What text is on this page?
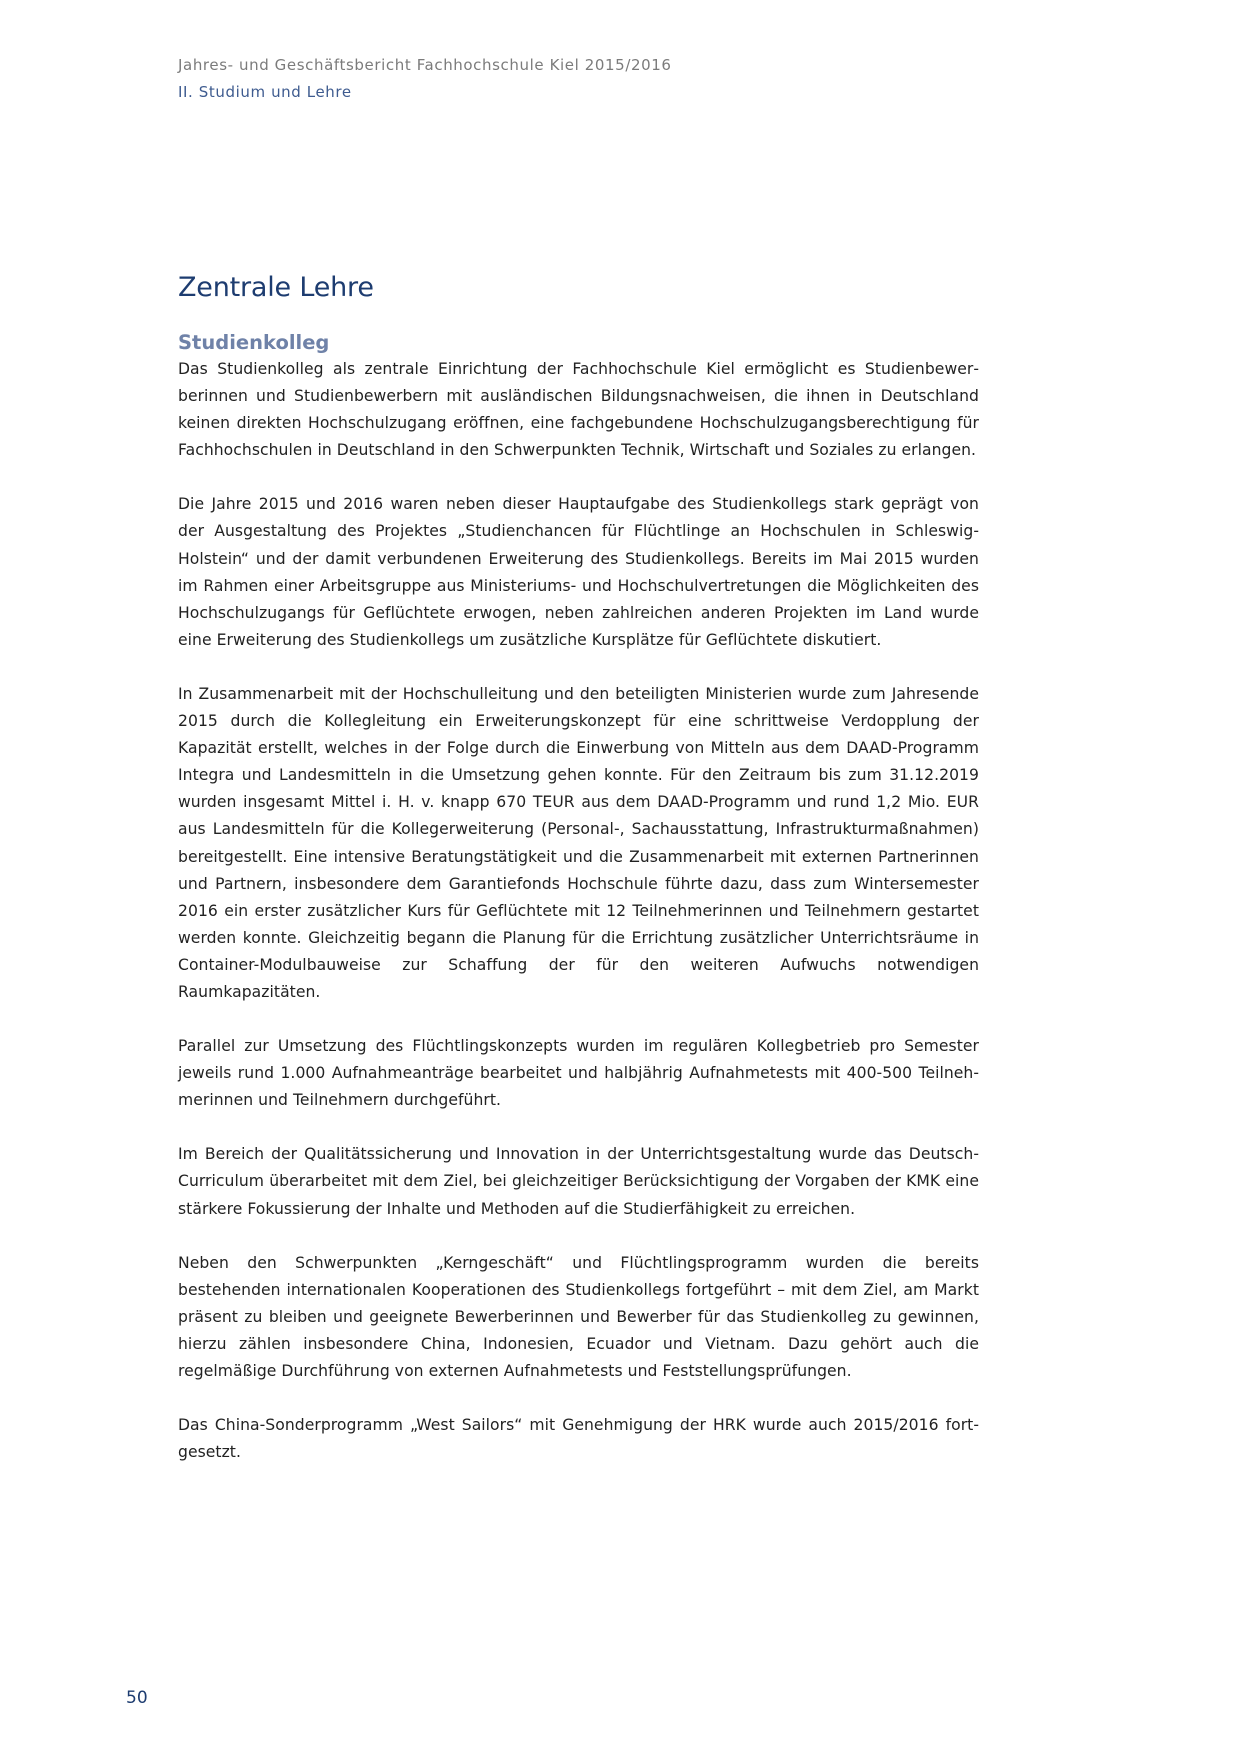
Jahres- und Geschäftsbericht Fachhochschule Kiel 2015/2016
II. Studium und Lehre
Zentrale Lehre
Studienkolleg

Das Studienkolleg als zentrale Einrichtung der Fachhochschule Kiel ermöglicht es Studienbewerberinnen und Studienbewerbern mit ausländischen Bildungsnachweisen, die ihnen in Deutschland keinen direkten Hochschulzugang eröffnen, eine fachgebundene Hochschulzugangsberechtigung für Fachhochschulen in Deutschland in den Schwerpunkten Technik, Wirtschaft und Soziales zu erlangen.

Die Jahre 2015 und 2016 waren neben dieser Hauptaufgabe des Studienkollegs stark geprägt von der Ausgestaltung des Projektes „Studienchancen für Flüchtlinge an Hochschulen in Schleswig-Holstein“ und der damit verbundenen Erweiterung des Studienkollegs. Bereits im Mai 2015 wurden im Rahmen einer Arbeitsgruppe aus Ministeriums- und Hochschulvertretungen die Möglichkeiten des Hochschulzugangs für Geflüchtete erwogen, neben zahlreichen anderen Projekten im Land wurde eine Erweiterung des Studienkollegs um zusätzliche Kursplätze für Geflüchtete diskutiert.

In Zusammenarbeit mit der Hochschulleitung und den beteiligten Ministerien wurde zum Jahresende 2015 durch die Kollegleitung ein Erweiterungskonzept für eine schrittweise Verdopplung der Kapazität erstellt, welches in der Folge durch die Einwerbung von Mitteln aus dem DAAD-Programm Integra und Landesmitteln in die Umsetzung gehen konnte. Für den Zeitraum bis zum 31.12.2019 wurden insgesamt Mittel i. H. v. knapp 670 TEUR aus dem DAAD-Programm und rund 1,2 Mio. EUR aus Landesmitteln für die Kollegerweiterung (Personal-, Sachausstattung, Infrastrukturmaßnahmen) bereitgestellt. Eine intensive Beratungstätigkeit und die Zusammenarbeit mit externen Partnerinnen und Partnern, insbesondere dem Garantiefonds Hochschule führte dazu, dass zum Wintersemester 2016 ein erster zusätzlicher Kurs für Geflüchtete mit 12 Teilnehmerinnen und Teilnehmern gestartet werden konnte. Gleichzeitig begann die Planung für die Errichtung zusätzlicher Unterrichtsräume in Container-Modulbauweise zur Schaffung der für den weiteren Aufwuchs notwendigen Raumkapazitäten.

Parallel zur Umsetzung des Flüchtlingskonzepts wurden im regulären Kollegbetrieb pro Semester jeweils rund 1.000 Aufnahmeanträge bearbeitet und halbjährig Aufnahmetests mit 400-500 Teilnehmerinnen und Teilnehmern durchgeführt.

Im Bereich der Qualitätssicherung und Innovation in der Unterrichtsgestaltung wurde das Deutsch-Curriculum überarbeitet mit dem Ziel, bei gleichzeitiger Berücksichtigung der Vorgaben der KMK eine stärkere Fokussierung der Inhalte und Methoden auf die Studierfähigkeit zu erreichen.

Neben den Schwerpunkten „Kerngeschäft“ und Flüchtlingsprogramm wurden die bereits bestehenden internationalen Kooperationen des Studienkollegs fortgeführt – mit dem Ziel, am Markt präsent zu bleiben und geeignete Bewerberinnen und Bewerber für das Studienkolleg zu gewinnen, hierzu zählen insbesondere China, Indonesien, Ecuador und Vietnam. Dazu gehört auch die regelmäßige Durchführung von externen Aufnahmetests und Feststellungsprüfungen.

Das China-Sonderprogramm „West Sailors“ mit Genehmigung der HRK wurde auch 2015/2016 fortgesetzt.

50
